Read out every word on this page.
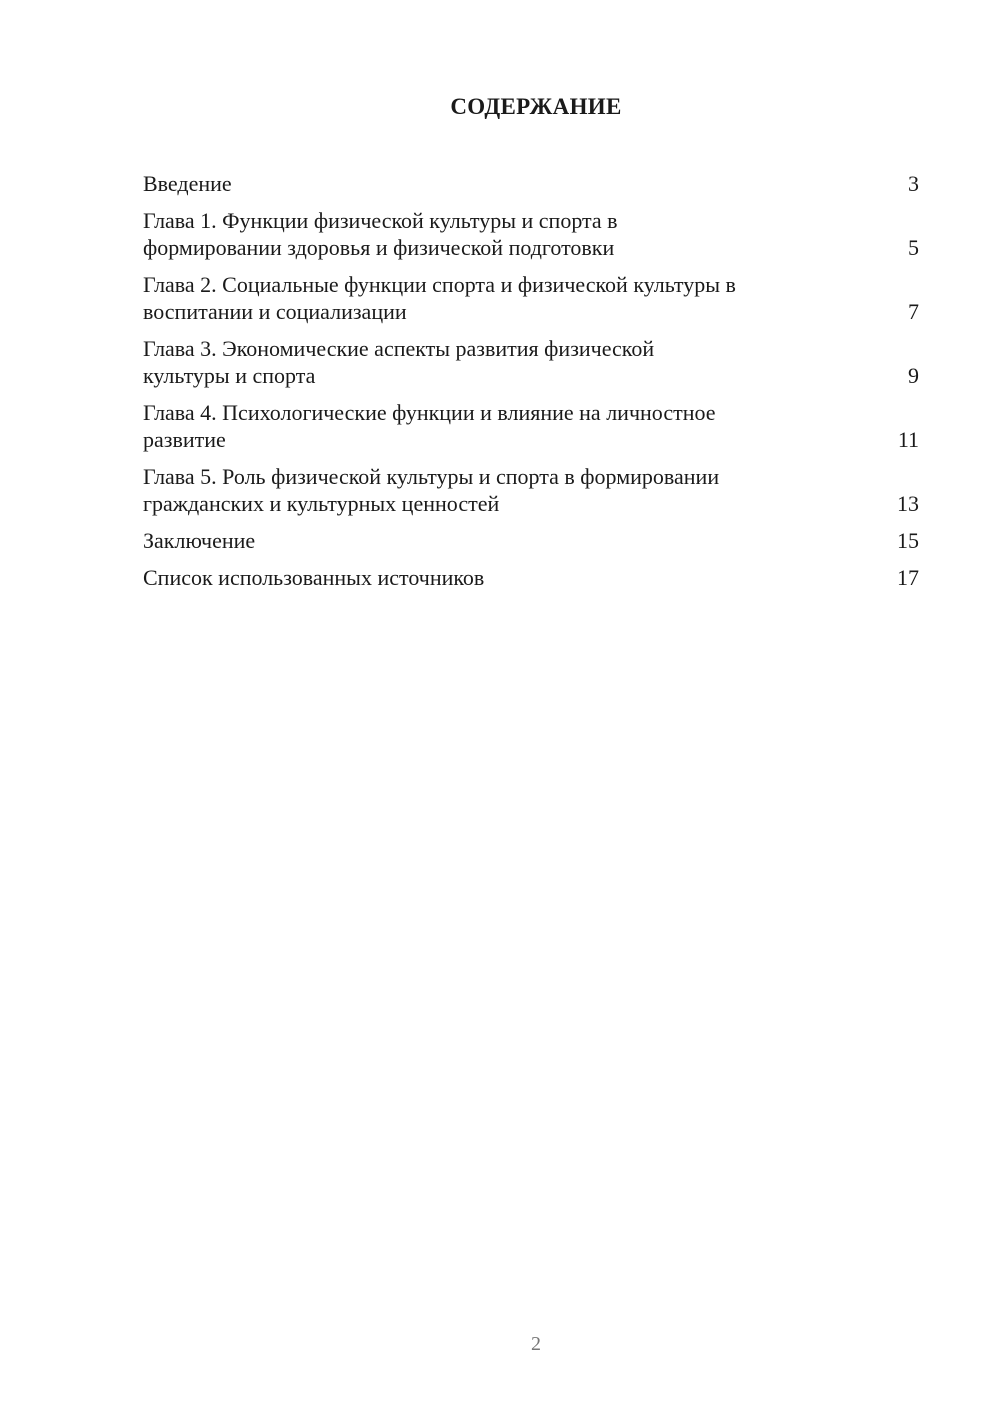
СОДЕРЖАНИЕ
Введение	3
Глава 1. Функции физической культуры и спорта в
формировании здоровья и физической подготовки	5
Глава 2. Социальные функции спорта и физической культуры в
воспитании и социализации	7
Глава 3. Экономические аспекты развития физической
культуры и спорта	9
Глава 4. Психологические функции и влияние на личностное
развитие	11
Глава 5. Роль физической культуры и спорта в формировании
гражданских и культурных ценностей	13
Заключение	15
Список использованных источников	17
2
